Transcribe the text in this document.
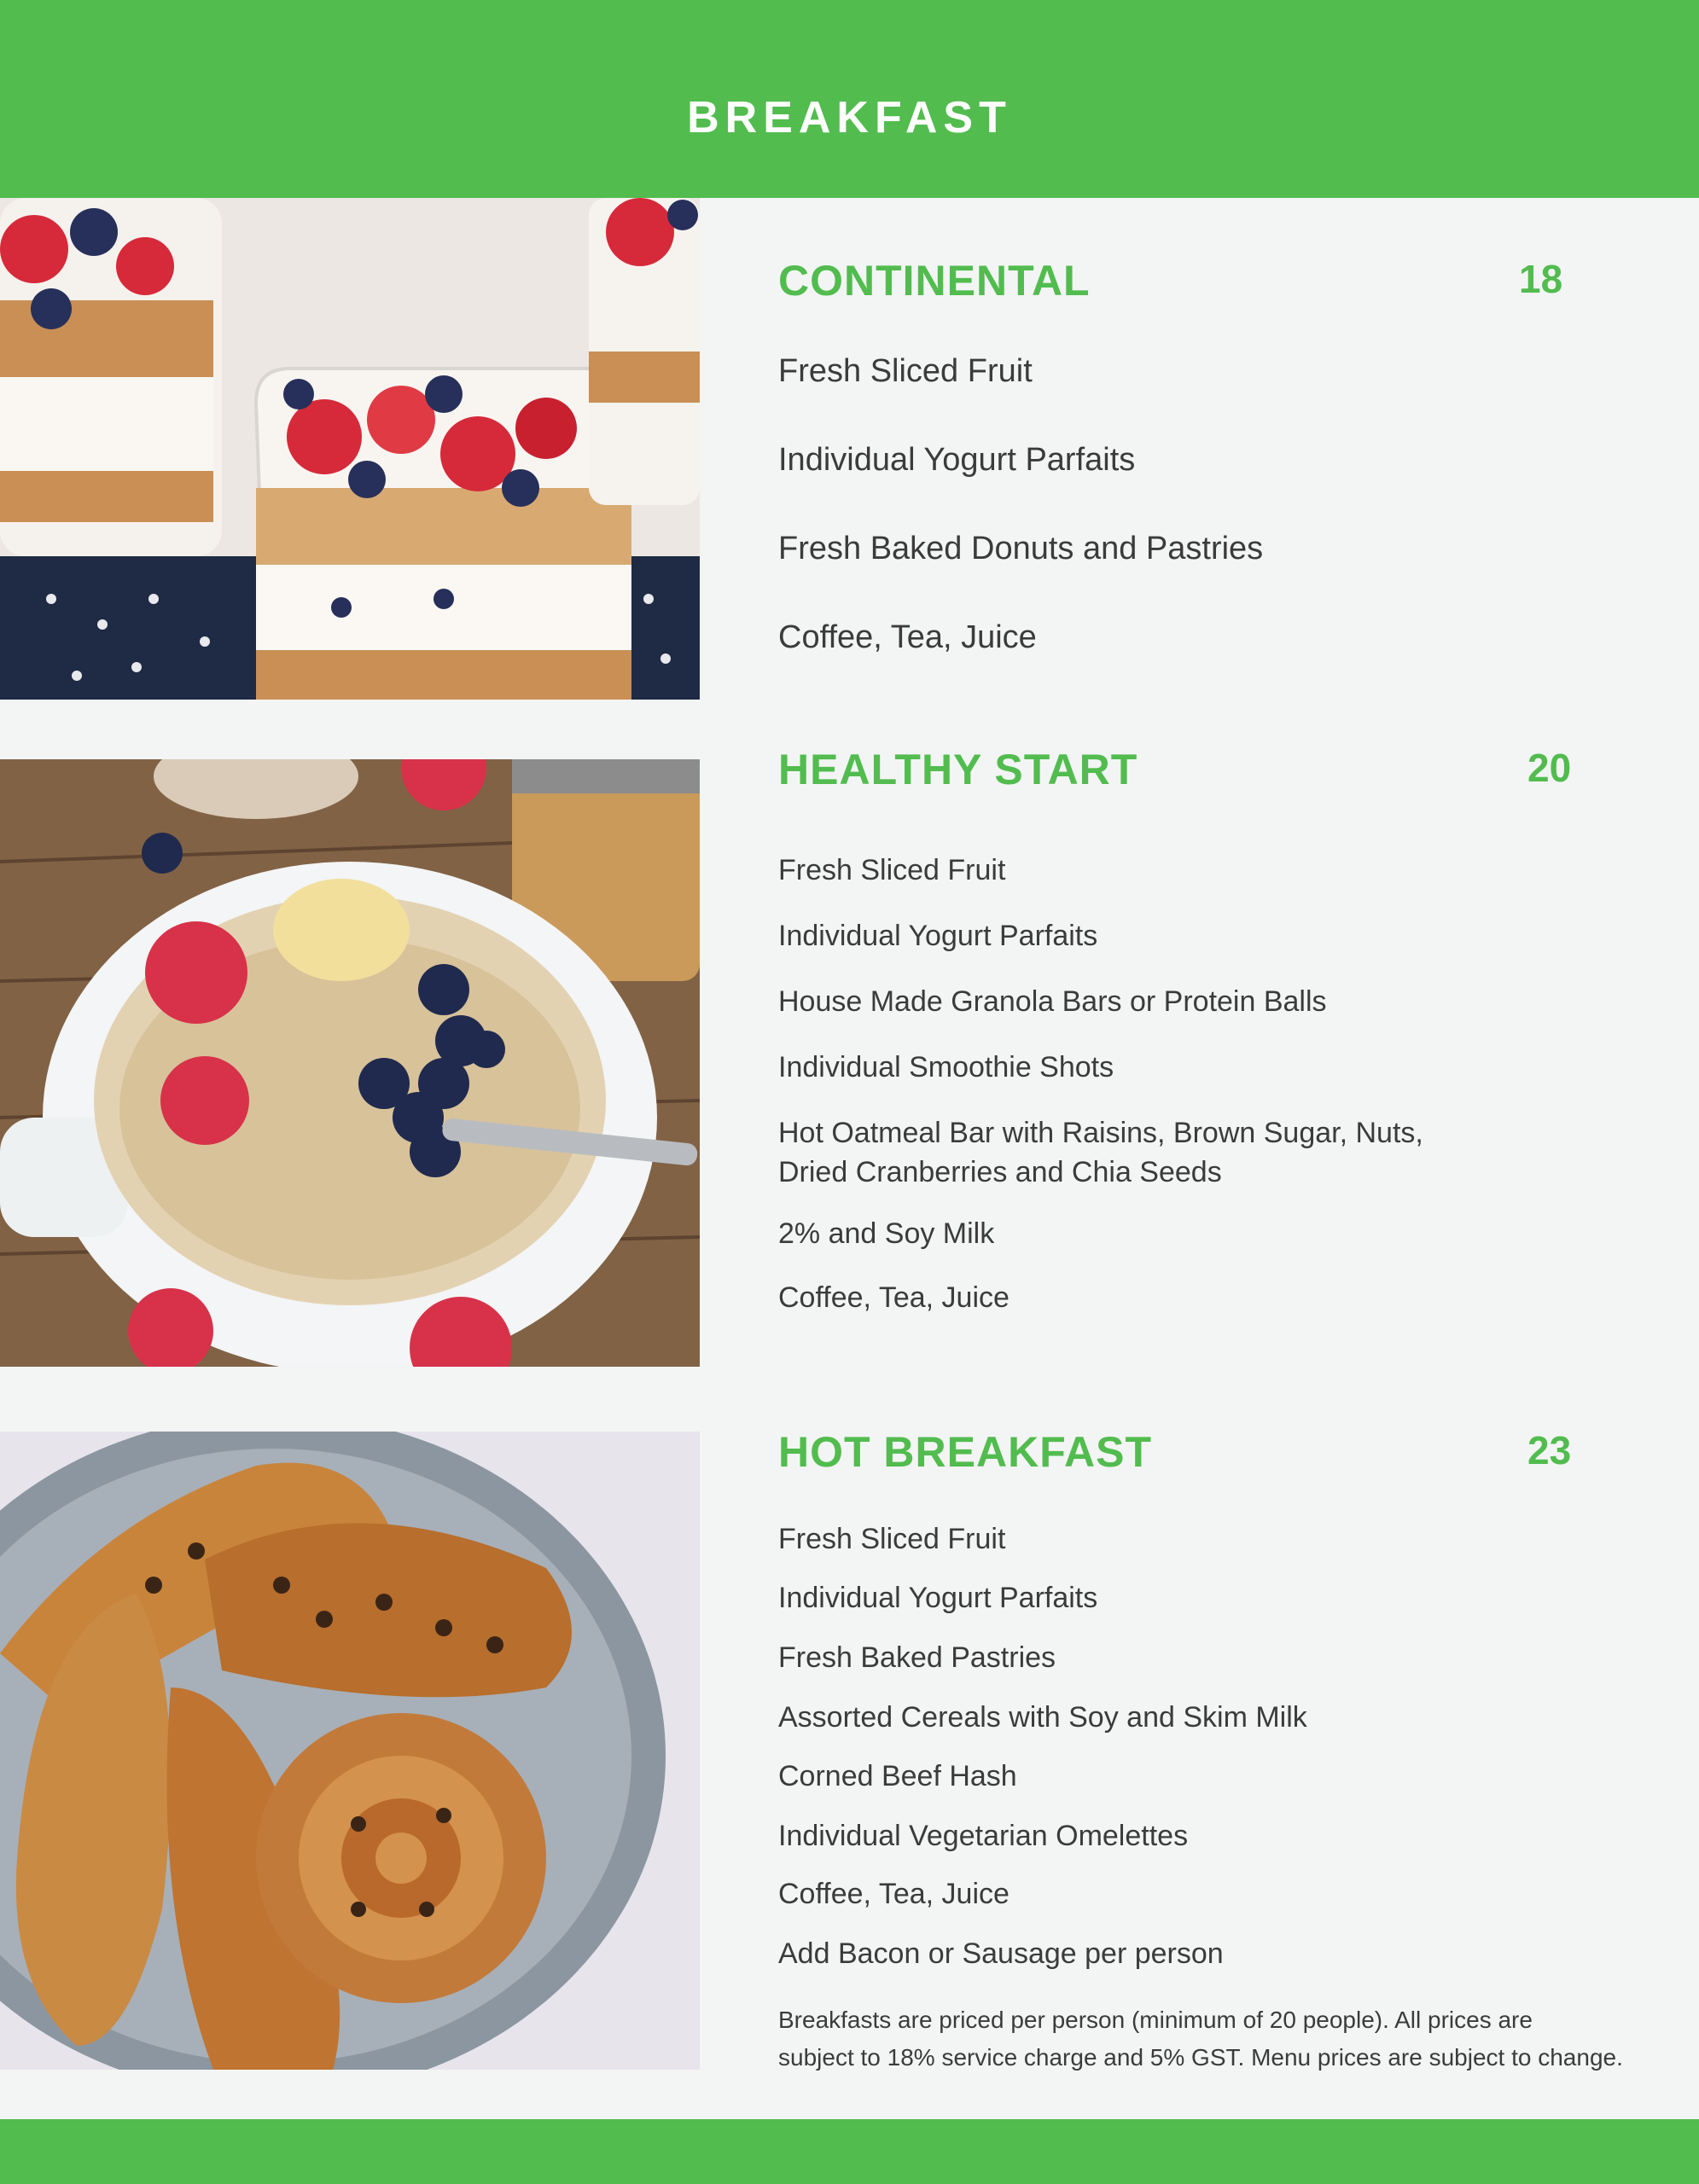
BREAKFAST
CONTINENTAL	18
Fresh Sliced Fruit
Individual Yogurt Parfaits
Fresh Baked Donuts and Pastries
Coffee, Tea, Juice
HEALTHY START	20
Fresh Sliced Fruit
Individual Yogurt Parfaits
House Made Granola Bars or Protein Balls
Individual Smoothie Shots
Hot Oatmeal Bar with Raisins, Brown Sugar, Nuts,
Dried Cranberries and Chia Seeds
2% and Soy Milk
Coffee, Tea, Juice
HOT BREAKFAST	23
Fresh Sliced Fruit
Individual Yogurt Parfaits
Fresh Baked Pastries
Assorted Cereals with Soy and Skim Milk
Corned Beef Hash
Individual Vegetarian Omelettes
Coffee, Tea, Juice
Add Bacon or Sausage per person
Breakfasts are priced per person (minimum of 20 people). All prices are
subject to 18% service charge and 5% GST. Menu prices are subject to change.
